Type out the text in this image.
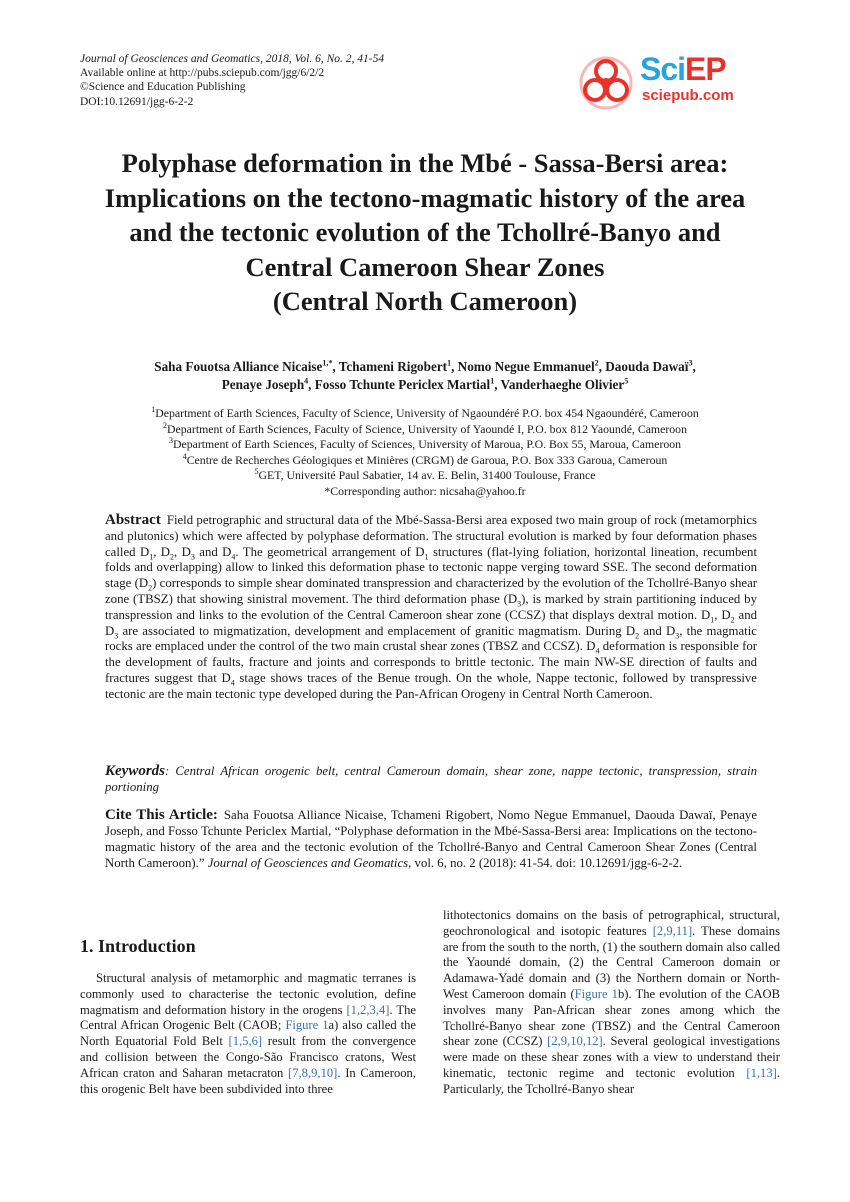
Journal of Geosciences and Geomatics, 2018, Vol. 6, No. 2, 41-54
Available online at http://pubs.sciepub.com/jgg/6/2/2
©Science and Education Publishing
DOI:10.12691/jgg-6-2-2
SciEP
sciepub.com
Polyphase deformation in the Mbé - Sassa-Bersi area:
Implications on the tectono-magmatic history of the area
and the tectonic evolution of the Tchollré-Banyo and
Central Cameroon Shear Zones
(Central North Cameroon)
Saha Fouotsa Alliance Nicaise$^{1,*}$, Tchameni Rigobert$^1$, Nomo Negue Emmanuel$^2$, Daouda Dawaï$^3$,
Penaye Joseph$^4$, Fosso Tchunte Periclex Martial$^1$, Vanderhaeghe Olivier$^5$
$^1$Department of Earth Sciences, Faculty of Science, University of Ngaoundéré P.O. box 454 Ngaoundéré, Cameroon
$^2$Department of Earth Sciences, Faculty of Science, University of Yaoundé I, P.O. box 812 Yaoundé, Cameroon
$^3$Department of Earth Sciences, Faculty of Sciences, University of Maroua, P.O. Box 55, Maroua, Cameroon
$^4$Centre de Recherches Géologiques et Minières (CRGM) de Garoua, P.O. Box 333 Garoua, Cameroun
$^5$GET, Université Paul Sabatier, 14 av. E. Belin, 31400 Toulouse, France
*Corresponding author: nicsaha@yahoo.fr
Abstract Field petrographic and structural data of the Mbé-Sassa-Bersi area exposed two main group of rock (metamorphics and plutonics) which were affected by polyphase deformation. The structural evolution is marked by four deformation phases called $D_1$, $D_2$, $D_3$ and $D_4$. The geometrical arrangement of $D_1$ structures (flat-lying foliation, horizontal lineation, recumbent folds and overlapping) allow to linked this deformation phase to tectonic nappe verging toward SSE. The second deformation stage $(D_2)$ corresponds to simple shear dominated transpression and characterized by the evolution of the Tchollré-Banyo shear zone (TBSZ) that showing sinistral movement. The third deformation phase $(D_3)$, is marked by strain partitioning induced by transpression and links to the evolution of the Central Cameroon shear zone (CCSZ) that displays dextral motion. $D_1$, $D_2$ and $D_3$ are associated to migmatization, development and emplacement of granitic magmatism. During $D_2$ and $D_3$, the magmatic rocks are emplaced under the control of the two main crustal shear zones (TBSZ and CCSZ). $D_4$ deformation is responsible for the development of faults, fracture and joints and corresponds to brittle tectonic. The main NW-SE direction of faults and fractures suggest that $D_4$ stage shows traces of the Benue trough. On the whole, Nappe tectonic, followed by transpressive tectonic are the main tectonic type developed during the Pan-African Orogeny in Central North Cameroon.
Keywords: Central African orogenic belt, central Cameroun domain, shear zone, nappe tectonic, transpression, strain portioning
Cite This Article: Saha Fouotsa Alliance Nicaise, Tchameni Rigobert, Nomo Negue Emmanuel, Daouda Dawaï, Penaye Joseph, and Fosso Tchunte Periclex Martial, “Polyphase deformation in the Mbé-Sassa-Bersi area: Implications on the tectono-magmatic history of the area and the tectonic evolution of the Tchollré-Banyo and Central Cameroon Shear Zones (Central North Cameroon).” Journal of Geosciences and Geomatics, vol. 6, no. 2 (2018): 41-54. doi: 10.12691/jgg-6-2-2.
1. Introduction
Structural analysis of metamorphic and magmatic terranes is commonly used to characterise the tectonic evolution, define magmatism and deformation history in the orogens [1,2,3,4]. The Central African Orogenic Belt (CAOB; Figure 1a) also called the North Equatorial Fold Belt [1,5,6] result from the convergence and collision between the Congo-São Francisco cratons, West African craton and Saharan metacraton [7,8,9,10]. In Cameroon, this orogenic Belt have been subdivided into three
lithotectonics domains on the basis of petrographical, structural, geochronological and isotopic features [2,9,11]. These domains are from the south to the north, (1) the southern domain also called the Yaoundé domain, (2) the Central Cameroon domain or Adamawa-Yadé domain and (3) the Northern domain or North-West Cameroon domain (Figure 1b). The evolution of the CAOB involves many Pan-African shear zones among which the Tchollré-Banyo shear zone (TBSZ) and the Central Cameroon shear zone (CCSZ) [2,9,10,12]. Several geological investigations were made on these shear zones with a view to understand their kinematic, tectonic regime and tectonic evolution [1,13]. Particularly, the Tchollré-Banyo shear
